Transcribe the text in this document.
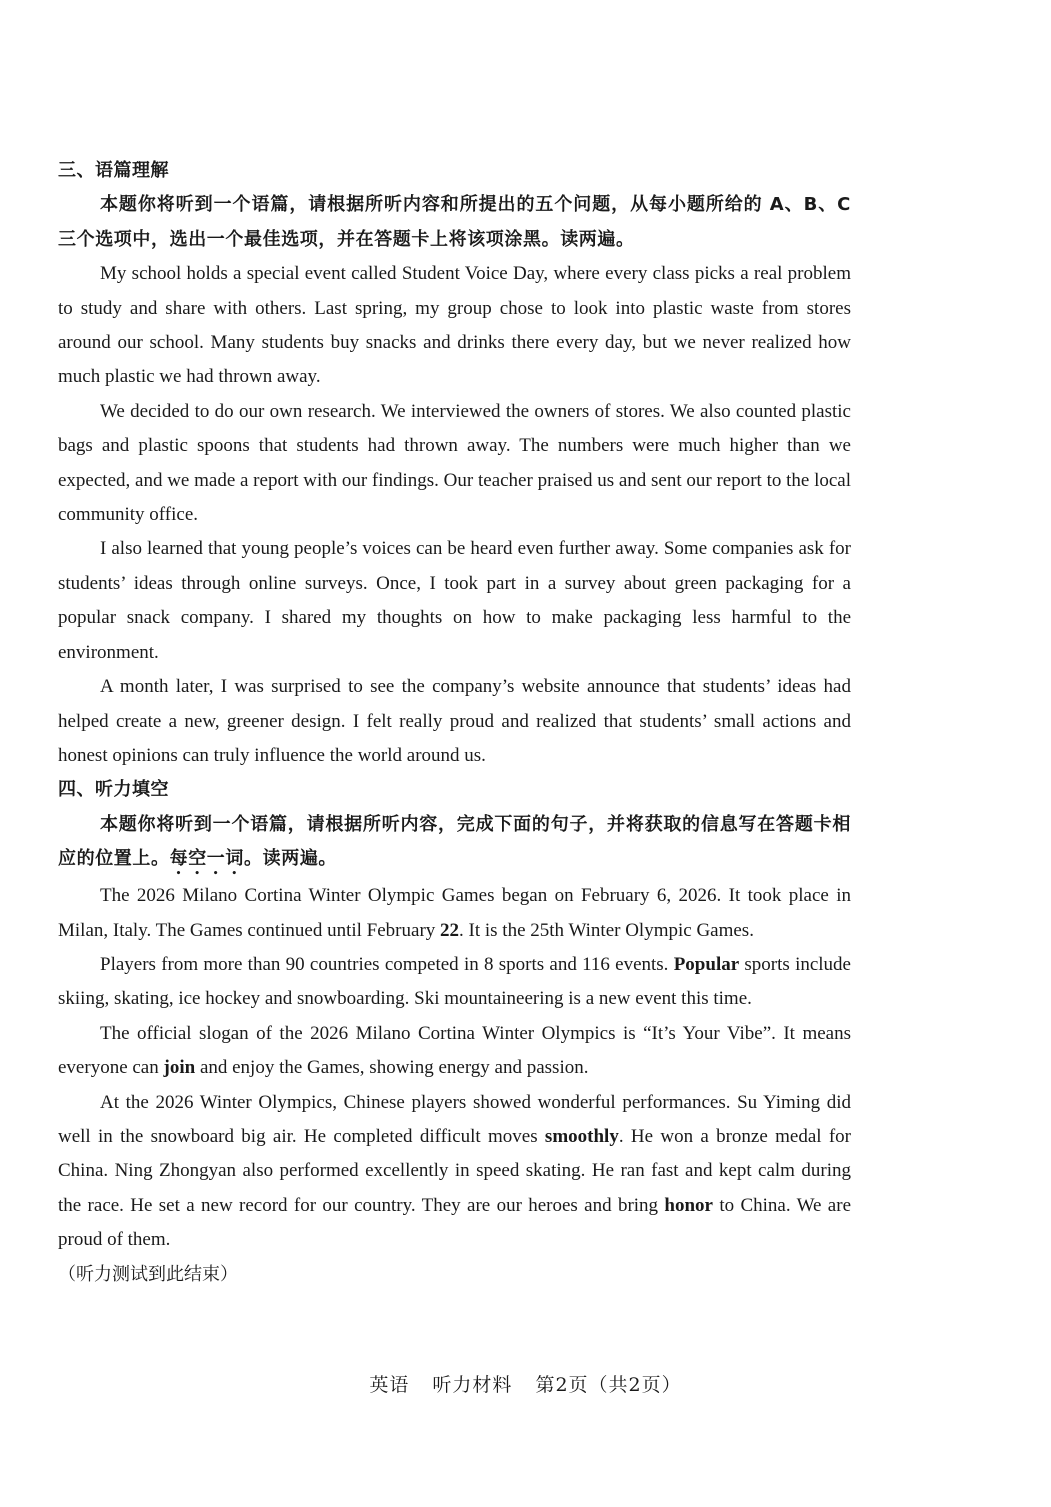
三、语篇理解

本题你将听到一个语篇，请根据所听内容和所提出的五个问题，从每小题所给的 A、B、C 三个选项中，选出一个最佳选项，并在答题卡上将该项涂黑。读两遍。

My school holds a special event called Student Voice Day, where every class picks a real problem to study and share with others. Last spring, my group chose to look into plastic waste from stores around our school. Many students buy snacks and drinks there every day, but we never realized how much plastic we had thrown away.

We decided to do our own research. We interviewed the owners of stores. We also counted plastic bags and plastic spoons that students had thrown away. The numbers were much higher than we expected, and we made a report with our findings. Our teacher praised us and sent our report to the local community office.

I also learned that young people’s voices can be heard even further away. Some companies ask for students’ ideas through online surveys. Once, I took part in a survey about green packaging for a popular snack company. I shared my thoughts on how to make packaging less harmful to the environment.

A month later, I was surprised to see the company’s website announce that students’ ideas had helped create a new, greener design. I felt really proud and realized that students’ small actions and honest opinions can truly influence the world around us.

四、听力填空

本题你将听到一个语篇，请根据所听内容，完成下面的句子，并将获取的信息写在答题卡相应的位置上。每空一词。读两遍。

The 2026 Milano Cortina Winter Olympic Games began on February 6, 2026. It took place in Milan, Italy. The Games continued until February 22. It is the 25th Winter Olympic Games.

Players from more than 90 countries competed in 8 sports and 116 events. Popular sports include skiing, skating, ice hockey and snowboarding. Ski mountaineering is a new event this time.

The official slogan of the 2026 Milano Cortina Winter Olympics is “It’s Your Vibe”. It means everyone can join and enjoy the Games, showing energy and passion.

At the 2026 Winter Olympics, Chinese players showed wonderful performances. Su Yiming did well in the snowboard big air. He completed difficult moves smoothly. He won a bronze medal for China. Ning Zhongyan also performed excellently in speed skating. He ran fast and kept calm during the race. He set a new record for our country. They are our heroes and bring honor to China. We are proud of them.

（听力测试到此结束）

英语 听力材料 第2页（共2页）
